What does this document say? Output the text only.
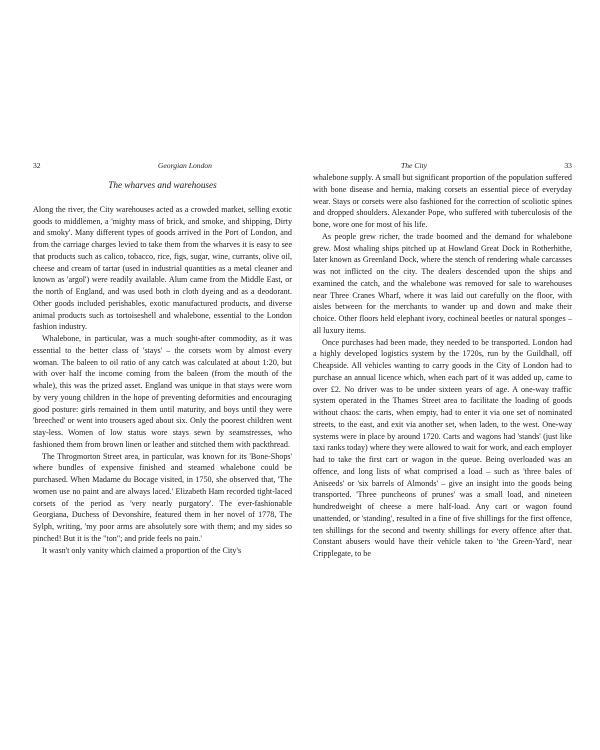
32	Georgian London
The wharves and warehouses

Along the river, the City warehouses acted as a crowded market, selling exotic goods to middlemen, a 'mighty mass of brick, and smoke, and shipping, Dirty and smoky'. Many different types of goods arrived in the Port of London, and from the carriage charges levied to take them from the wharves it is easy to see that products such as calico, tobacco, rice, figs, sugar, wine, currants, olive oil, cheese and cream of tartar (used in industrial quantities as a metal cleaner and known as 'argol') were readily available. Alum came from the Middle East, or the north of England, and was used both in cloth dyeing and as a deodorant. Other goods included perishables, exotic manufactured products, and diverse animal products such as tortoiseshell and whalebone, essential to the London fashion industry.

Whalebone, in particular, was a much sought-after commodity, as it was essential to the better class of 'stays' – the corsets worn by almost every woman. The baleen to oil ratio of any catch was calculated at about 1:20, but with over half the income coming from the baleen (from the mouth of the whale), this was the prized asset. England was unique in that stays were worn by very young children in the hope of preventing deformities and encouraging good posture: girls remained in them until maturity, and boys until they were 'breeched' or went into trousers aged about six. Only the poorest children went stay-less. Women of low status wore stays sewn by seamstresses, who fashioned them from brown linen or leather and stitched them with packthread.

The Throgmorton Street area, in particular, was known for its 'Bone-Shops' where bundles of expensive finished and steamed whalebone could be purchased. When Madame du Bocage visited, in 1750, she observed that, 'The women use no paint and are always laced.' Elizabeth Ham recorded tight-laced corsets of the period as 'very nearly purgatory'. The ever-fashionable Georgiana, Duchess of Devonshire, featured them in her novel of 1778, The Sylph, writing, 'my poor arms are absolutely sore with them; and my sides so pinched! But it is the "ton"; and pride feels no pain.'

It wasn't only vanity which claimed a proportion of the City's

The City	33

whalebone supply. A small but significant proportion of the population suffered with bone disease and hernia, making corsets an essential piece of everyday wear. Stays or corsets were also fashioned for the correction of scoliotic spines and dropped shoulders. Alexander Pope, who suffered with tuberculosis of the bone, wore one for most of his life.

As people grew richer, the trade boomed and the demand for whalebone grew. Most whaling ships pitched up at Howland Great Dock in Rotherhithe, later known as Greenland Dock, where the stench of rendering whale carcasses was not inflicted on the city. The dealers descended upon the ships and examined the catch, and the whalebone was removed for sale to warehouses near Three Cranes Wharf, where it was laid out carefully on the floor, with aisles between for the merchants to wander up and down and make their choice. Other floors held elephant ivory, cochineal beetles or natural sponges – all luxury items.

Once purchases had been made, they needed to be transported. London had a highly developed logistics system by the 1720s, run by the Guildhall, off Cheapside. All vehicles wanting to carry goods in the City of London had to purchase an annual licence which, when each part of it was added up, came to over £2. No driver was to be under sixteen years of age. A one-way traffic system operated in the Thames Street area to facilitate the loading of goods without chaos: the carts, when empty, had to enter it via one set of nominated streets, to the east, and exit via another set, when laden, to the west. One-way systems were in place by around 1720. Carts and wagons had 'stands' (just like taxi ranks today) where they were allowed to wait for work, and each employer had to take the first cart or wagon in the queue. Being overloaded was an offence, and long lists of what comprised a load – such as 'three bales of Aniseeds' or 'six barrels of Almonds' – give an insight into the goods being transported. 'Three puncheons of prunes' was a small load, and nineteen hundredweight of cheese a mere half-load. Any cart or wagon found unattended, or 'standing', resulted in a fine of five shillings for the first offence, ten shillings for the second and twenty shillings for every offence after that. Constant abusers would have their vehicle taken to 'the Green-Yard', near Cripplegate, to be
